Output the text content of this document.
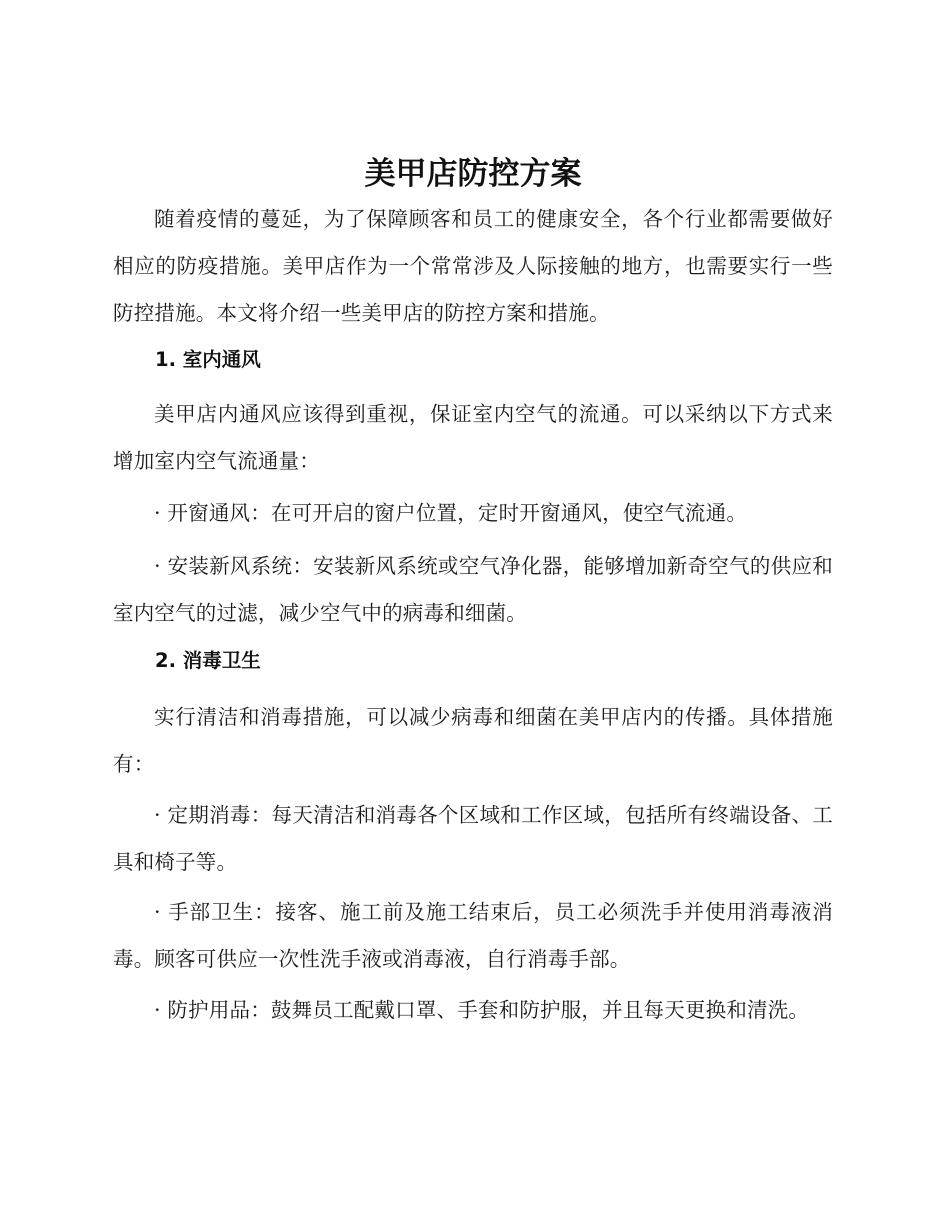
美甲店防控方案

随着疫情的蔓延，为了保障顾客和员工的健康安全，各个行业都需要做好相应的防疫措施。美甲店作为一个常常涉及人际接触的地方，也需要实行一些防控措施。本文将介绍一些美甲店的防控方案和措施。

1. 室内通风

美甲店内通风应该得到重视，保证室内空气的流通。可以采纳以下方式来增加室内空气流通量：

· 开窗通风：在可开启的窗户位置，定时开窗通风，使空气流通。

· 安装新风系统：安装新风系统或空气净化器，能够增加新奇空气的供应和室内空气的过滤，减少空气中的病毒和细菌。

2. 消毒卫生

实行清洁和消毒措施，可以减少病毒和细菌在美甲店内的传播。具体措施有：

· 定期消毒：每天清洁和消毒各个区域和工作区域，包括所有终端设备、工具和椅子等。

· 手部卫生：接客、施工前及施工结束后，员工必须洗手并使用消毒液消毒。顾客可供应一次性洗手液或消毒液，自行消毒手部。

· 防护用品：鼓舞员工配戴口罩、手套和防护服，并且每天更换和清洗。
